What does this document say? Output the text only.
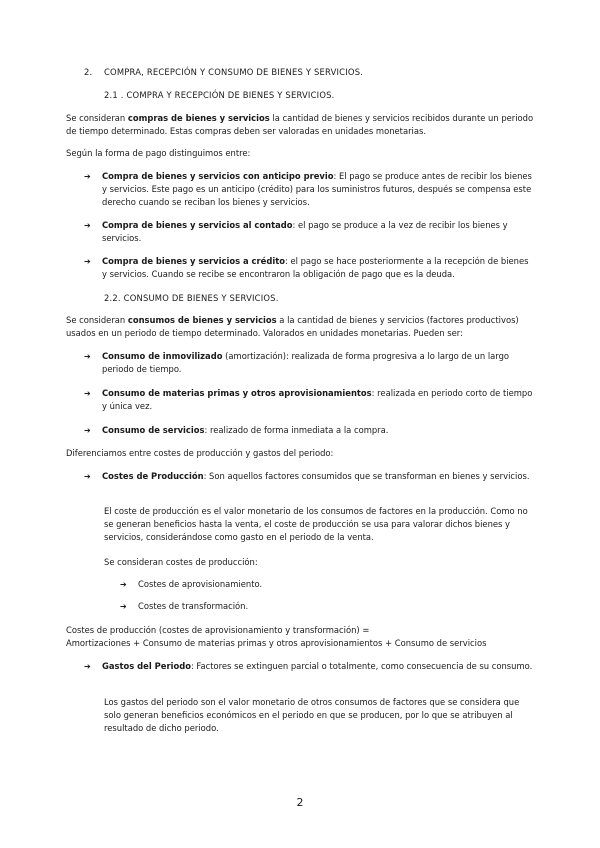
2. COMPRA, RECEPCIÓN Y CONSUMO DE BIENES Y SERVICIOS.
2.1 . COMPRA Y RECEPCIÓN DE BIENES Y SERVICIOS.

Se consideran compras de bienes y servicios la cantidad de bienes y servicios recibidos durante un periodo de tiempo determinado. Estas compras deben ser valoradas en unidades monetarias.

Según la forma de pago distinguimos entre:

➔ Compra de bienes y servicios con anticipo previo: El pago se produce antes de recibir los bienes y servicios. Este pago es un anticipo (crédito) para los suministros futuros, después se compensa este derecho cuando se reciban los bienes y servicios.

➔ Compra de bienes y servicios al contado: el pago se produce a la vez de recibir los bienes y servicios.

➔ Compra de bienes y servicios a crédito: el pago se hace posteriormente a la recepción de bienes y servicios. Cuando se recibe se encontraron la obligación de pago que es la deuda.

2.2. CONSUMO DE BIENES Y SERVICIOS.

Se consideran consumos de bienes y servicios a la cantidad de bienes y servicios (factores productivos) usados en un periodo de tiempo determinado. Valorados en unidades monetarias. Pueden ser:

➔ Consumo de inmovilizado (amortización): realizada de forma progresiva a lo largo de un largo periodo de tiempo.

➔ Consumo de materias primas y otros aprovisionamientos: realizada en periodo corto de tiempo y única vez.

➔ Consumo de servicios: realizado de forma inmediata a la compra.

Diferenciamos entre costes de producción y gastos del periodo:

➔ Costes de Producción: Son aquellos factores consumidos que se transforman en bienes y servicios.

El coste de producción es el valor monetario de los consumos de factores en la producción. Como no se generan beneficios hasta la venta, el coste de producción se usa para valorar dichos bienes y servicios, considerándose como gasto en el periodo de la venta.

Se consideran costes de producción:

➔ Costes de aprovisionamiento.

➔ Costes de transformación.

Costes de producción (costes de aprovisionamiento y transformación) =
Amortizaciones + Consumo de materias primas y otros aprovisionamientos + Consumo de servicios

➔ Gastos del Periodo: Factores se extinguen parcial o totalmente, como consecuencia de su consumo.

Los gastos del periodo son el valor monetario de otros consumos de factores que se considera que solo generan beneficios económicos en el periodo en que se producen, por lo que se atribuyen al resultado de dicho periodo.

2
